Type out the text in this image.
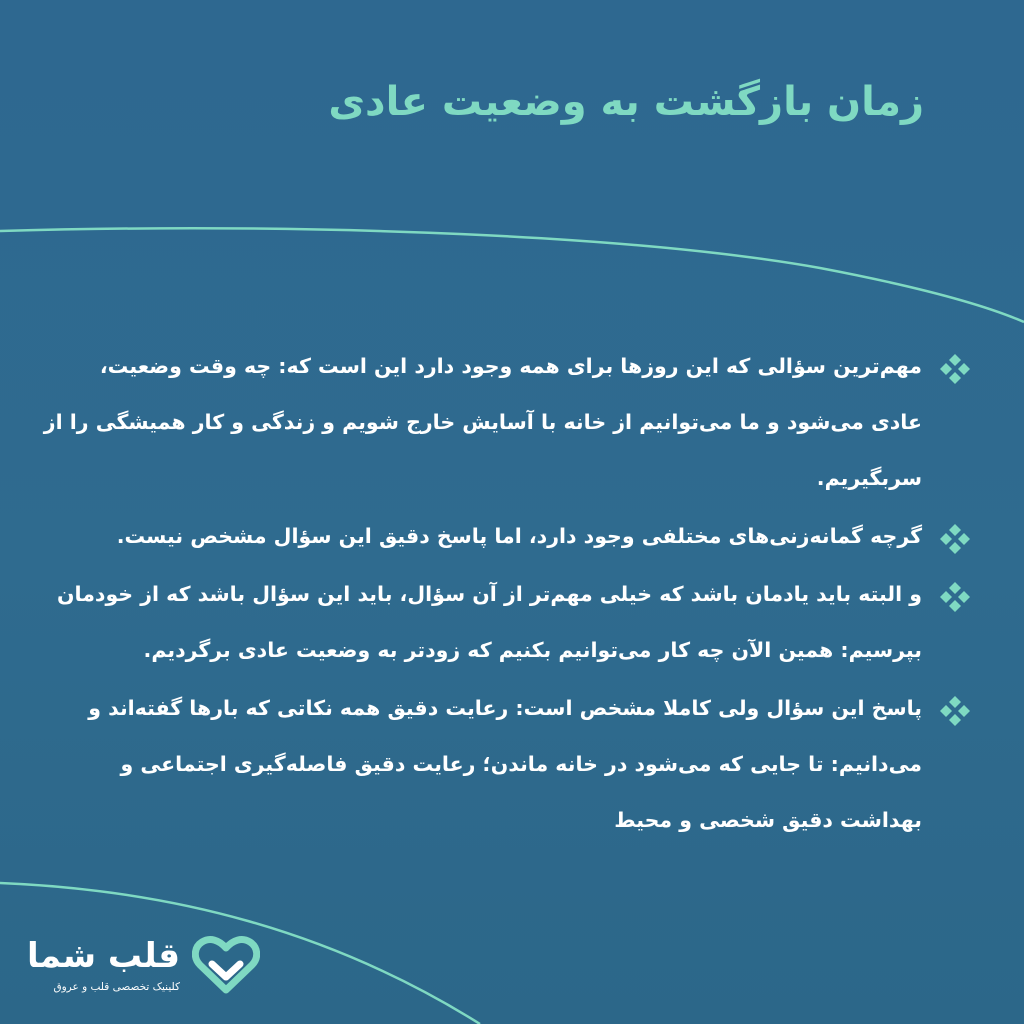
زمان بازگشت به وضعیت عادی

مهم‌ترین سؤالی که این روزها برای همه وجود دارد این است که: چه وقت وضعیت، عادی می‌شود و ما می‌توانیم از خانه با آسایش خارج شویم و زندگی و کار همیشگی را از سربگیریم.

گرچه گمانه‌زنی‌های مختلفی وجود دارد، اما پاسخ دقیق این سؤال مشخص نیست.

و البته باید یادمان باشد که خیلی مهم‌تر از آن سؤال، باید این سؤال باشد که از خودمان بپرسیم: همین الآن چه کار می‌توانیم بکنیم که زودتر به وضعیت عادی برگردیم.

پاسخ این سؤال ولی کاملا مشخص است: رعایت دقیق همه نکاتی که بارها گفته‌اند و می‌دانیم: تا جایی که می‌شود در خانه ماندن؛ رعایت دقیق فاصله‌گیری اجتماعی و بهداشت دقیق شخصی و محیط

قلب شما
کلینیک تخصصی قلب و عروق
